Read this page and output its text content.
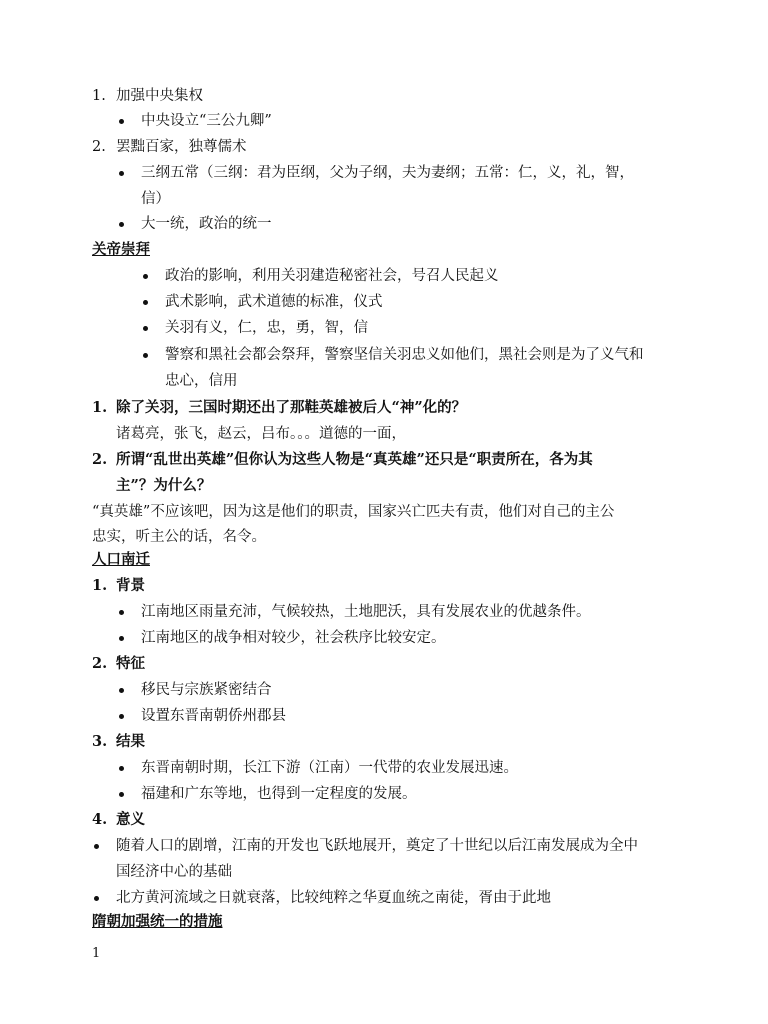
1. 加强中央集权
中央设立“三公九卿”
2. 罢黜百家，独尊儒术
三纲五常（三纲：君为臣纲，父为子纲，夫为妻纲；五常：仁，义，礼，智，
信）
大一统，政治的统一
关帝崇拜
政治的影响，利用关羽建造秘密社会，号召人民起义
武术影响，武术道德的标准，仪式
关羽有义，仁，忠，勇，智，信
警察和黑社会都会祭拜，警察坚信关羽忠义如他们，黑社会则是为了义气和
忠心，信用
1. 除了关羽，三国时期还出了那鞋英雄被后人“神”化的？
诸葛亮，张飞，赵云，吕布。。。道德的一面，
2. 所谓“乱世出英雄”但你认为这些人物是“真英雄”还只是“职责所在，各为其
主”？为什么？
“真英雄”不应该吧，因为这是他们的职责，国家兴亡匹夫有责，他们对自己的主公
忠实，听主公的话，名令。
人口南迁
1. 背景
江南地区雨量充沛，气候较热，土地肥沃，具有发展农业的优越条件。
江南地区的战争相对较少，社会秩序比较安定。
2. 特征
移民与宗族紧密结合
设置东晋南朝侨州郡县
3. 结果
东晋南朝时期，长江下游（江南）一代带的农业发展迅速。
福建和广东等地，也得到一定程度的发展。
4. 意义
随着人口的剧增，江南的开发也飞跃地展开，奠定了十世纪以后江南发展成为全中
国经济中心的基础
北方黄河流域之日就衰落，比较纯粹之华夏血统之南徒，胥由于此地
隋朝加强统一的措施
1
